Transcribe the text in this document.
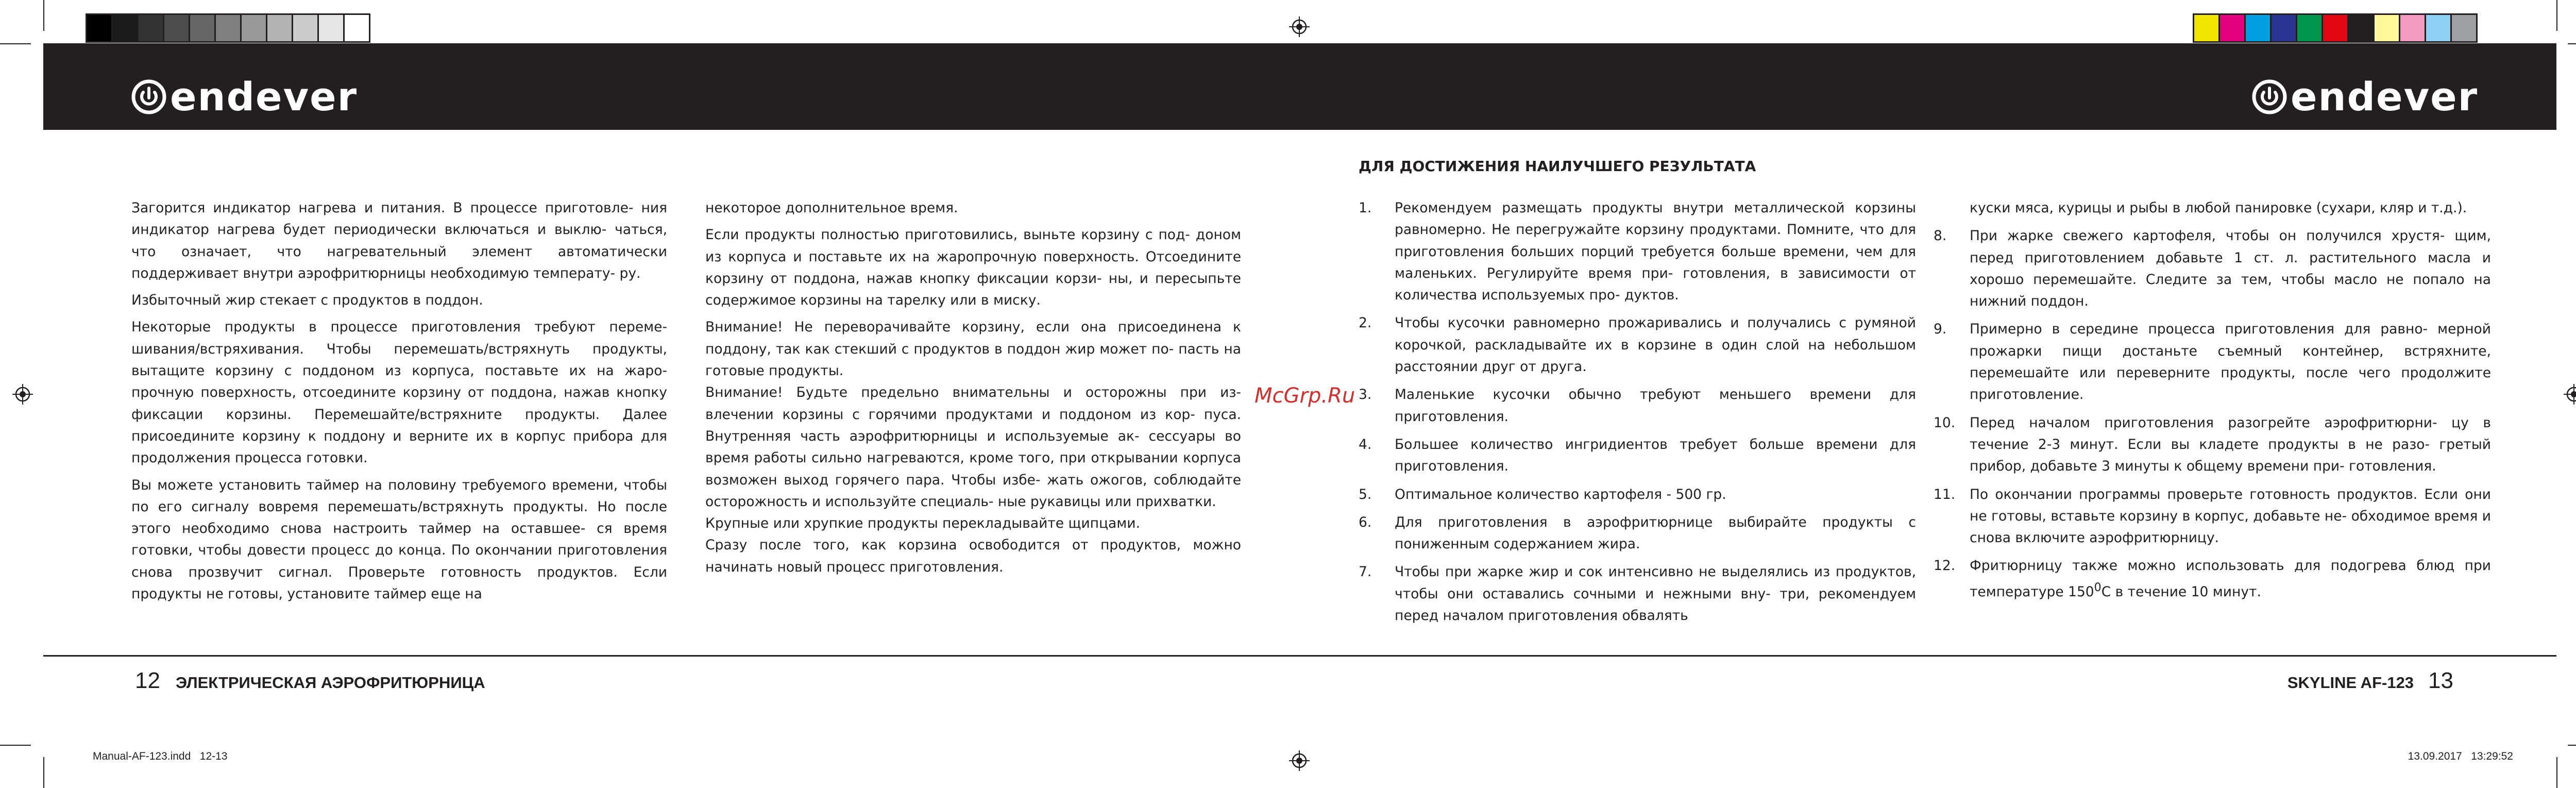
endever	endever

Загорится индикатор нагрева и питания. В процессе приготовле- ния индикатор нагрева будет периодически включаться и выклю- чаться, что означает, что нагревательный элемент автоматически поддерживает внутри аэрофритюрницы необходимую температу- ру.

Избыточный жир стекает с продуктов в поддон.

Некоторые продукты в процессе приготовления требуют переме- шивания/встряхивания. Чтобы перемешать/встряхнуть продукты, вытащите корзину с поддоном из корпуса, поставьте их на жаро- прочную поверхность, отсоедините корзину от поддона, нажав кнопку фиксации корзины. Перемешайте/встряхните продукты. Далее присоедините корзину к поддону и верните их в корпус прибора для продолжения процесса готовки.

Вы можете установить таймер на половину требуемого времени, чтобы по его сигналу вовремя перемешать/встряхнуть продукты. Но после этого необходимо снова настроить таймер на оставшее- ся время готовки, чтобы довести процесс до конца. По окончании приготовления снова прозвучит сигнал. Проверьте готовность продуктов. Если продукты не готовы, установите таймер еще на

некоторое дополнительное время.

Если продукты полностью приготовились, выньте корзину с под- доном из корпуса и поставьте их на жаропрочную поверхность. Отсоедините корзину от поддона, нажав кнопку фиксации корзи- ны, и пересыпьте содержимое корзины на тарелку или в миску.

Внимание! Не переворачивайте корзину, если она присоединена к поддону, так как стекший с продуктов в поддон жир может по- пасть на готовые продукты.

Внимание! Будьте предельно внимательны и осторожны при из- влечении корзины с горячими продуктами и поддоном из кор- пуса. Внутренняя часть аэрофритюрницы и используемые ак- сессуары во время работы сильно нагреваются, кроме того, при открывании корпуса возможен выход горячего пара. Чтобы избе- жать ожогов, соблюдайте осторожность и используйте специаль- ные рукавицы или прихватки.

Крупные или хрупкие продукты перекладывайте щипцами.

Сразу после того, как корзина освободится от продуктов, можно начинать новый процесс приготовления.

McGrp.Ru
ДЛЯ ДОСТИЖЕНИЯ НАИЛУЧШЕГО РЕЗУЛЬТАТА
1. Рекомендуем размещать продукты внутри металлической корзины равномерно. Не перегружайте корзину продуктами. Помните, что для приготовления больших порций требуется больше времени, чем для маленьких. Регулируйте время при- готовления, в зависимости от количества используемых про- дуктов.
2. Чтобы кусочки равномерно прожаривались и получались с румяной корочкой, раскладывайте их в корзине в один слой на небольшом расстоянии друг от друга.
3. Маленькие кусочки обычно требуют меньшего времени для приготовления.
4. Большее количество ингридиентов требует больше времени для приготовления.
5. Оптимальное количество картофеля - 500 гр.
6. Для приготовления в аэрофритюрнице выбирайте продукты с пониженным содержанием жира.
7. Чтобы при жарке жир и сок интенсивно не выделялись из продуктов, чтобы они оставались сочными и нежными вну- три, рекомендуем перед началом приготовления обвалять
куски мяса, курицы и рыбы в любой панировке (сухари, кляр и т.д.).
8. При жарке свежего картофеля, чтобы он получился хрустя- щим, перед приготовлением добавьте 1 ст. л. растительного масла и хорошо перемешайте. Следите за тем, чтобы масло не попало на нижний поддон.
9. Примерно в середине процесса приготовления для равно- мерной прожарки пищи достаньте съемный контейнер, встряхните, перемешайте или переверните продукты, после чего продолжите приготовление.
10. Перед началом приготовления разогрейте аэрофритюрни- цу в течение 2-3 минут. Если вы кладете продукты в не разо- гретый прибор, добавьте 3 минуты к общему времени при- готовления.
11. По окончании программы проверьте готовность продуктов. Если они не готовы, вставьте корзину в корпус, добавьте не- обходимое время и снова включите аэрофритюрницу.
12. Фритюрницу также можно использовать для подогрева блюд при температуре $150^0С$ в течение 10 минут.
12 ЭЛЕКТРИЧЕСКАЯ АЭРОФРИТЮРНИЦА	SKYLINE AF-123 13
Manual-AF-123.indd   12-13	13.09.2017   13:29:52
